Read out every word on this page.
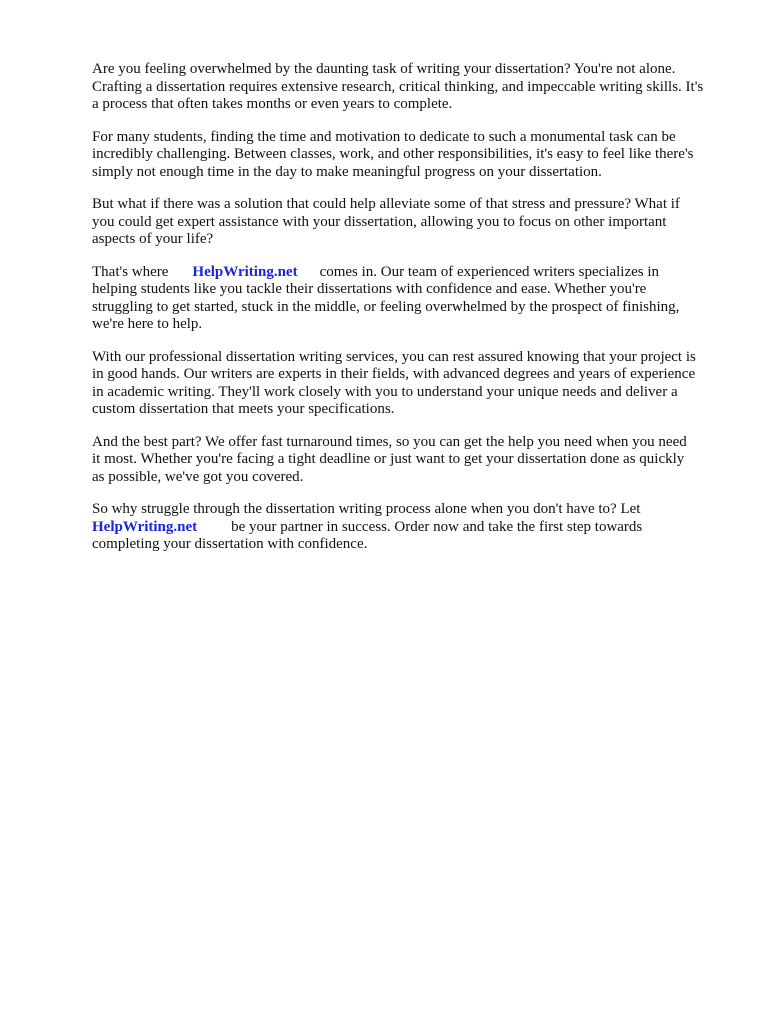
Are you feeling overwhelmed by the daunting task of writing your dissertation? You're not alone.
Crafting a dissertation requires extensive research, critical thinking, and impeccable writing skills. It's
a process that often takes months or even years to complete.

For many students, finding the time and motivation to dedicate to such a monumental task can be
incredibly challenging. Between classes, work, and other responsibilities, it's easy to feel like there's
simply not enough time in the day to make meaningful progress on your dissertation.

But what if there was a solution that could help alleviate some of that stress and pressure? What if
you could get expert assistance with your dissertation, allowing you to focus on other important
aspects of your life?

That's where HelpWriting.net comes in. Our team of experienced writers specializes in
helping students like you tackle their dissertations with confidence and ease. Whether you're
struggling to get started, stuck in the middle, or feeling overwhelmed by the prospect of finishing,
we're here to help.

With our professional dissertation writing services, you can rest assured knowing that your project is
in good hands. Our writers are experts in their fields, with advanced degrees and years of experience
in academic writing. They'll work closely with you to understand your unique needs and deliver a
custom dissertation that meets your specifications.

And the best part? We offer fast turnaround times, so you can get the help you need when you need
it most. Whether you're facing a tight deadline or just want to get your dissertation done as quickly
as possible, we've got you covered.

So why struggle through the dissertation writing process alone when you don't have to? Let
HelpWriting.net be your partner in success. Order now and take the first step towards
completing your dissertation with confidence.
